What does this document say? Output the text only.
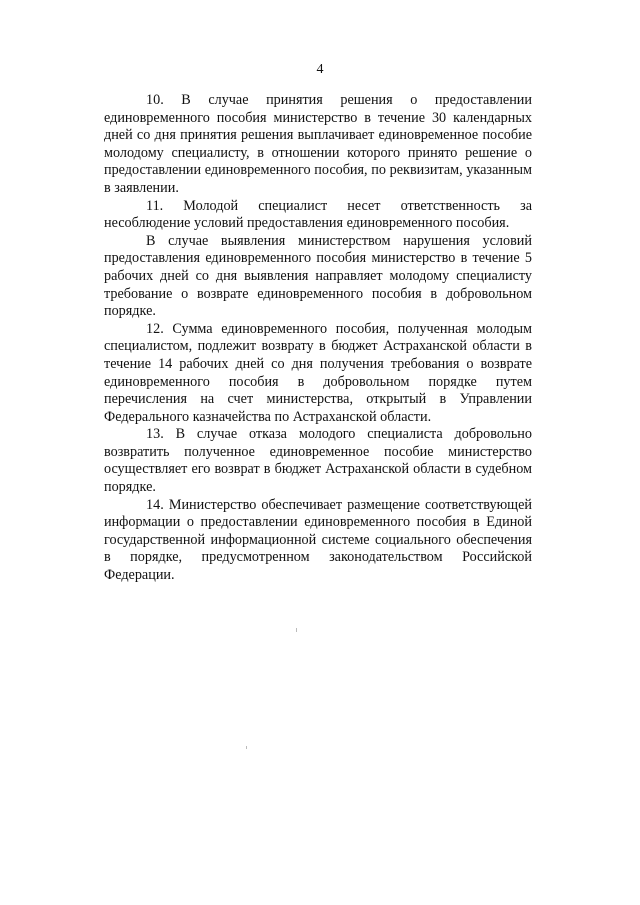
4

10. В случае принятия решения о предоставлении единовременного пособия министерство в течение 30 календарных дней со дня принятия решения выплачивает единовременное пособие молодому специалисту, в отношении которого принято решение о предоставлении единовременного пособия, по реквизитам, указанным в заявлении.

11. Молодой специалист несет ответственность за несоблюдение условий предоставления единовременного пособия.

В случае выявления министерством нарушения условий предоставления единовременного пособия министерство в течение 5 рабочих дней со дня выявления направляет молодому специалисту требование о возврате единовременного пособия в добровольном порядке.

12. Сумма единовременного пособия, полученная молодым специалистом, подлежит возврату в бюджет Астраханской области в течение 14 рабочих дней со дня получения требования о возврате единовременного пособия в добровольном порядке путем перечисления на счет министерства, открытый в Управлении Федерального казначейства по Астраханской области.

13. В случае отказа молодого специалиста добровольно возвратить полученное единовременное пособие министерство осуществляет его возврат в бюджет Астраханской области в судебном порядке.

14. Министерство обеспечивает размещение соответствующей информации о предоставлении единовременного пособия в Единой государственной информационной системе социального обеспечения в порядке, предусмотренном законодательством Российской Федерации.
